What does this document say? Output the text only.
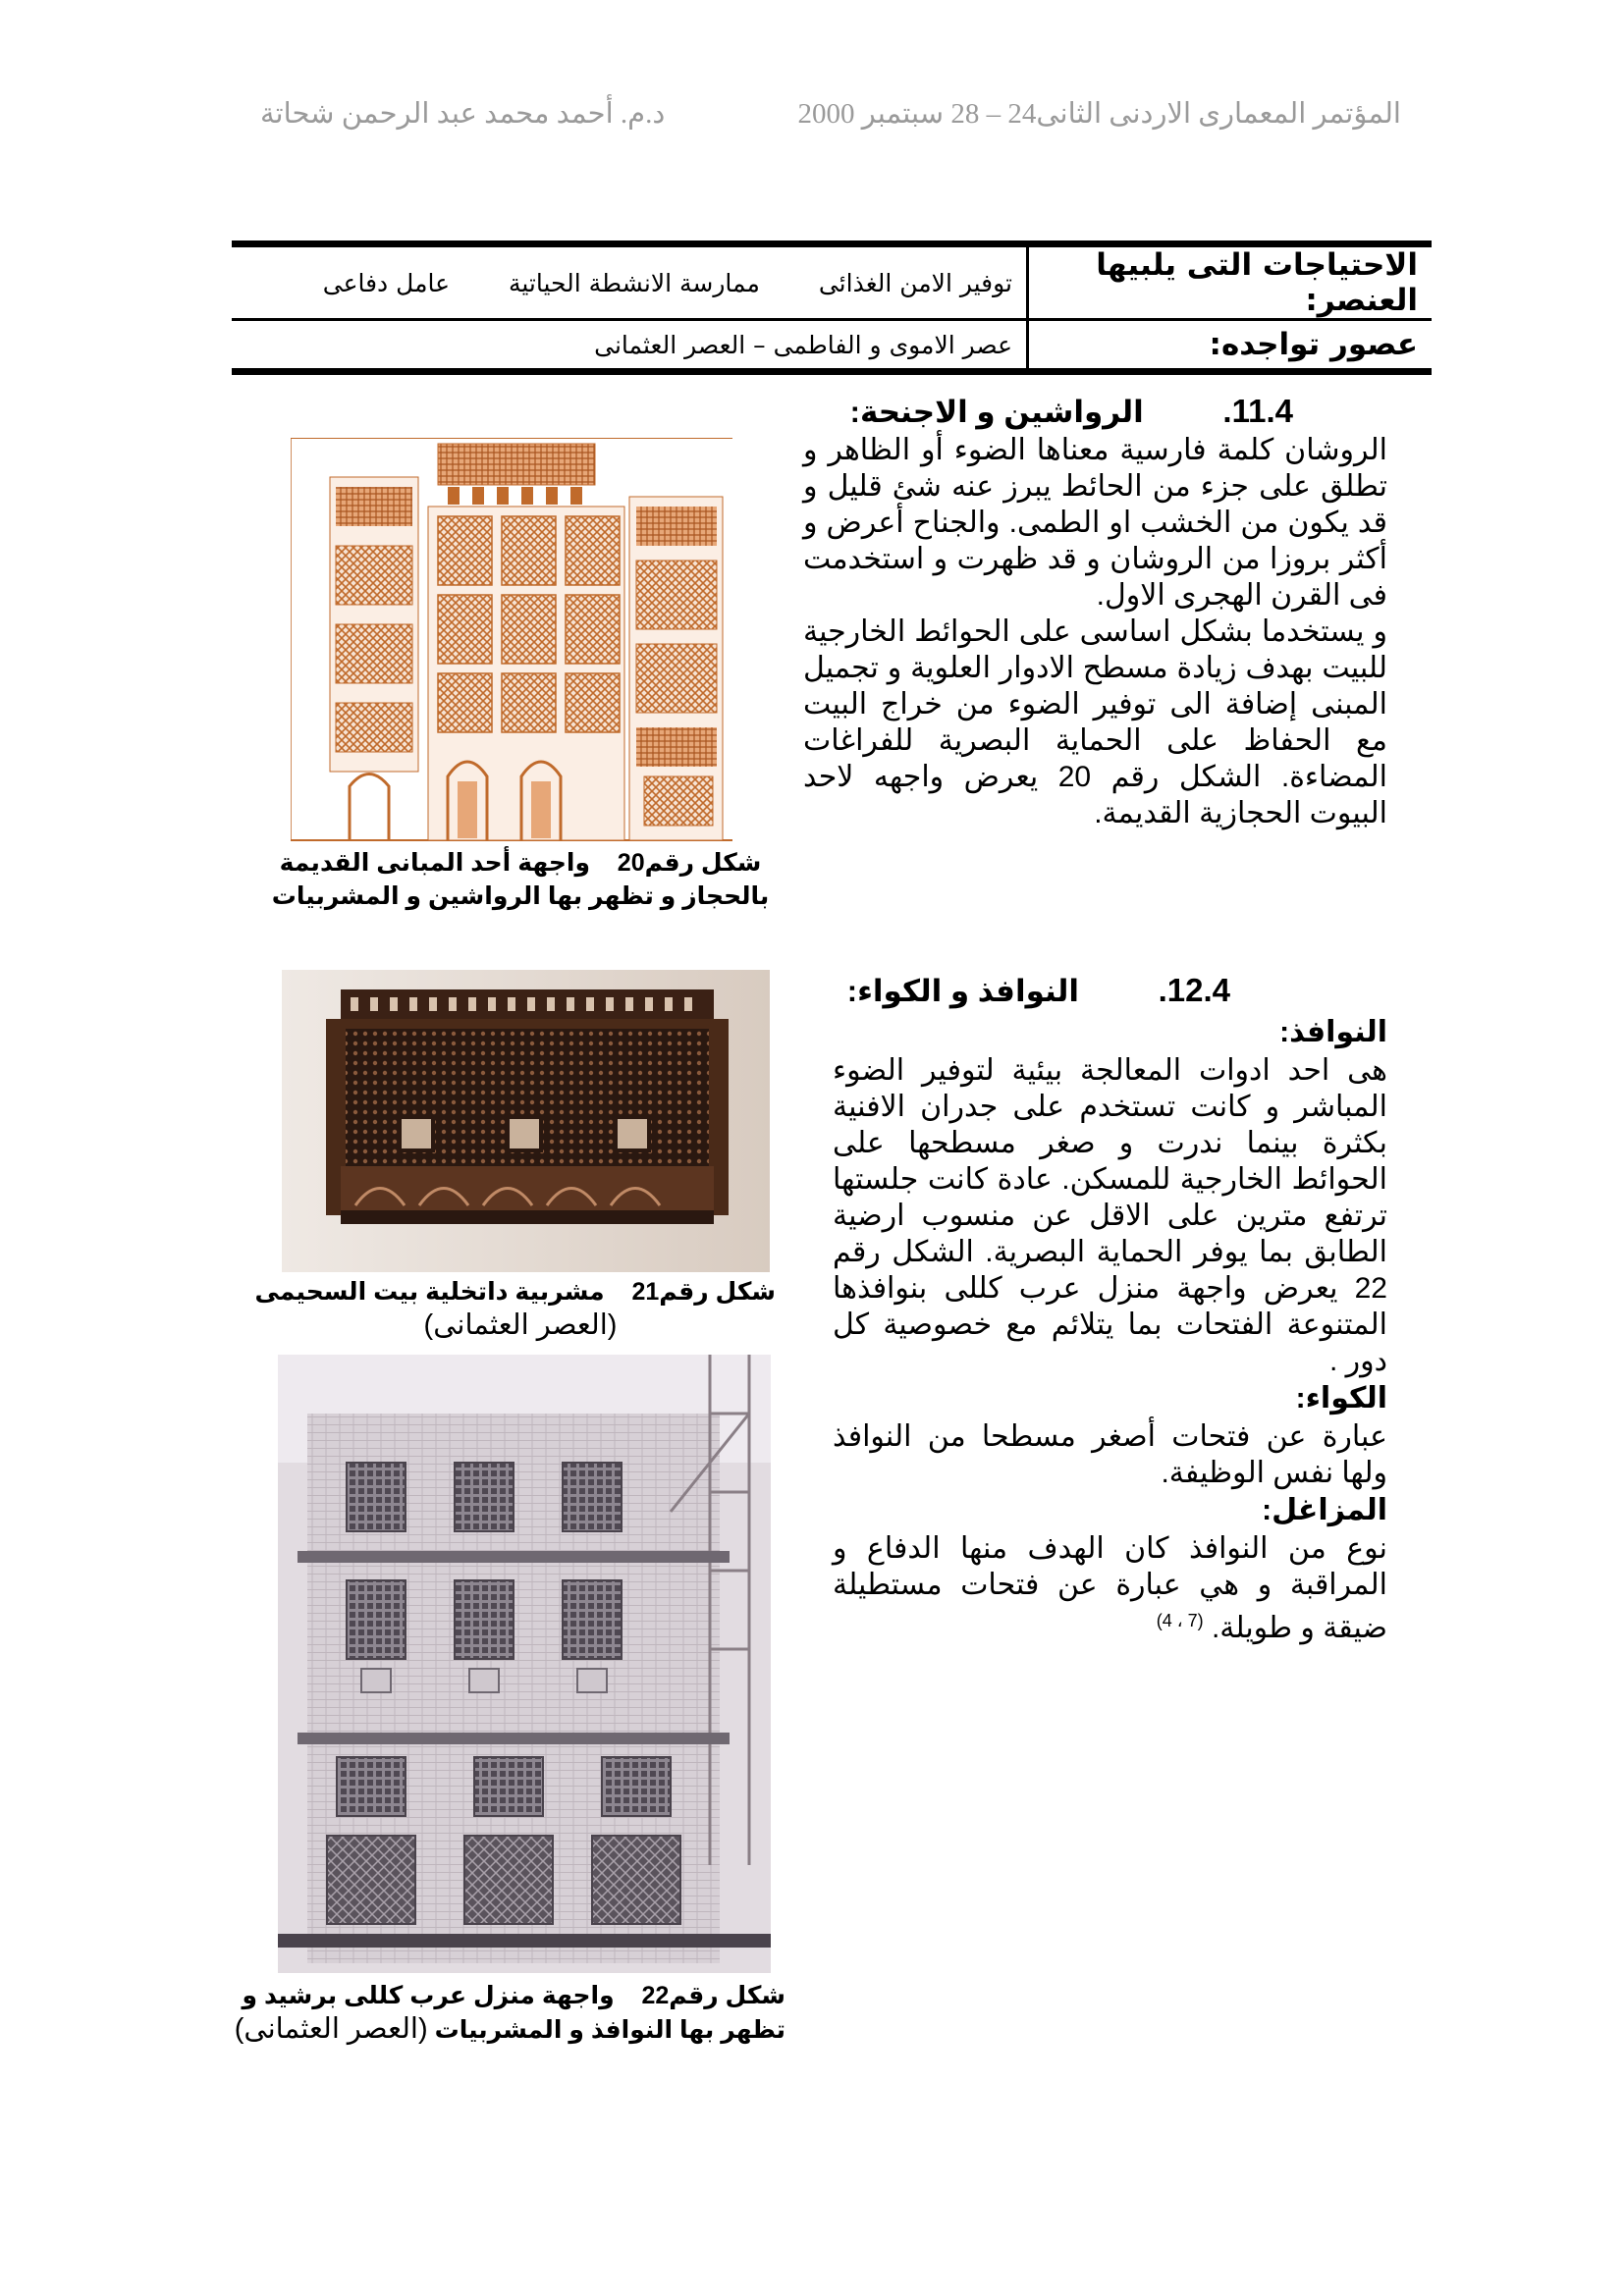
المؤتمر المعمارى الاردنى الثانى24 – 28 سبتمبر 2000
د.م. أحمد محمد عبد الرحمن شحاتة
الاحتياجات التى يلبيها العنصر:	توفير الامن الغذائى ممارسة الانشطة الحياتية عامل دفاعى
عصور تواجده:	عصر الاموى و الفاطمى – العصر العثمانى
11.4. الرواشين و الاجنحة:

الروشان كلمة فارسية معناها الضوء أو الظاهر و تطلق على جزء من الحائط يبرز عنه شئ قليل و قد يكون من الخشب او الطمى. والجناح أعرض و أكثر بروزا من الروشان و قد ظهرت و استخدمت فى القرن الهجرى الاول.

و يستخدما بشكل اساسى على الحوائط الخارجية للبيت بهدف زيادة مسطح الادوار العلوية و تجميل المبنى إضافة الى توفير الضوء من خراج البيت مع الحفاظ على الحماية البصرية للفراغات المضاءة. الشكل رقم 20 يعرض واجهه لاحد البيوت الحجازية القديمة.

12.4. النوافذ و الكواء:

النوافذ:

هى احد ادوات المعالجة بيئية لتوفير الضوء المباشر و كانت تستخدم على جدران الافنية بكثرة بينما ندرت و صغر مسطحها على الحوائط الخارجية للمسكن. عادة كانت جلستها ترتفع مترين على الاقل عن منسوب ارضية الطابق بما يوفر الحماية البصرية. الشكل رقم 22 يعرض واجهة منزل عرب كللى بنوافذها المتنوعة الفتحات بما يتلائم مع خصوصية كل دور .

الكواء:

عبارة عن فتحات أصغر مسطحا من النوافذ ولها نفس الوظيفة.

المزاغل:

نوع من النوافذ كان الهدف منها الدفاع و المراقبة و هي عبارة عن فتحات مستطيلة ضيقة و طويلة. $^{(7 ، 4)}$

شكل رقم20    واجهة أحد المبانى القديمة
بالحجاز و تظهر بها الرواشين و المشربيات
شكل رقم21    مشربية داتخلية بيت السحيمى
(العصر العثمانى)
شكل رقم22    واجهة منزل عرب كللى برشيد و
تظهر بها النوافذ و المشربيات (العصر العثمانى)
